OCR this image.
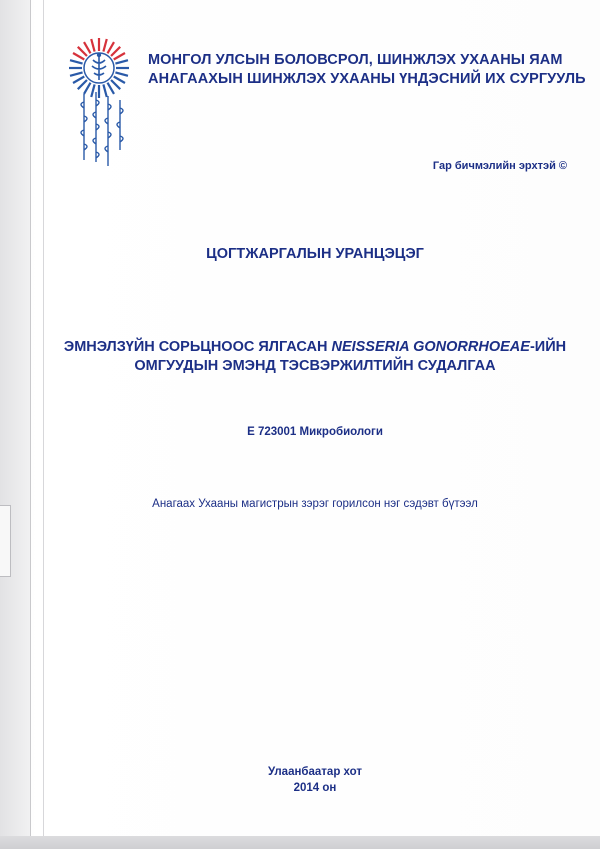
МОНГОЛ УЛСЫН БОЛОВСРОЛ, ШИНЖЛЭХ УХААНЫ ЯАМ
АНАГААХЫН ШИНЖЛЭХ УХААНЫ ҮНДЭСНИЙ ИХ СУРГУУЛЬ
Гар бичмэлийн эрхтэй ©
ЦОГТЖАРГАЛЫН УРАНЦЭЦЭГ
ЭМНЭЛЗҮЙН СОРЬЦНООС ЯЛГАСАН NEISSERIA GONORRHOEAE-ИЙН
ОМГУУДЫН ЭМЭНД ТЭСВЭРЖИЛТИЙН СУДАЛГАА
Е 723001 Микробиологи
Анагаах Ухааны магистрын зэрэг горилсон нэг сэдэвт бүтээл
Улаанбаатар хот
2014 он
